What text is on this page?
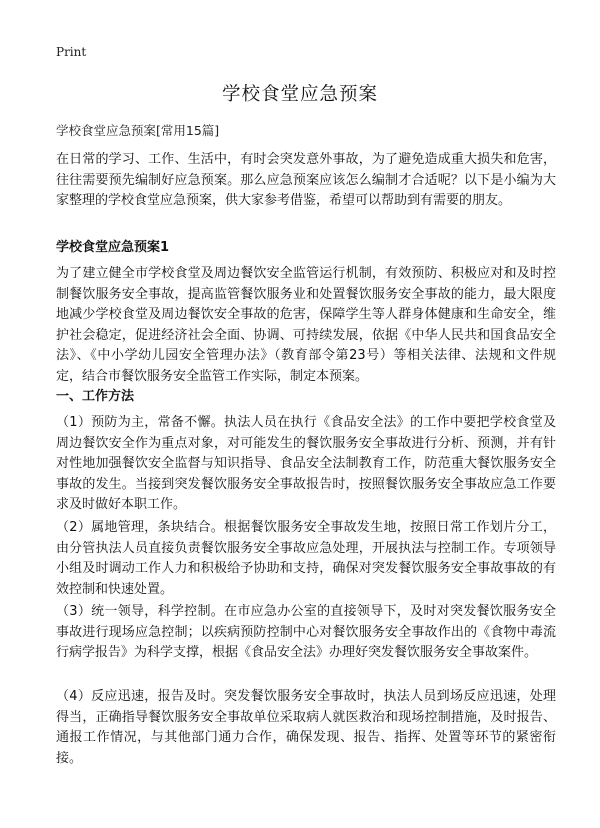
Print
学校食堂应急预案
学校食堂应急预案[常用15篇]
在日常的学习、工作、生活中，有时会突发意外事故，为了避免造成重大损失和危害，往往需要预先编制好应急预案。那么应急预案应该怎么编制才合适呢？以下是小编为大家整理的学校食堂应急预案，供大家参考借鉴，希望可以帮助到有需要的朋友。
学校食堂应急预案1
为了建立健全市学校食堂及周边餐饮安全监管运行机制，有效预防、积极应对和及时控制餐饮服务安全事故，提高监管餐饮服务业和处置餐饮服务安全事故的能力，最大限度地减少学校食堂及周边餐饮安全事故的危害，保障学生等人群身体健康和生命安全，维护社会稳定，促进经济社会全面、协调、可持续发展，依据《中华人民共和国食品安全法》、《中小学幼儿园安全管理办法》（教育部令第23号）等相关法律、法规和文件规定，结合市餐饮服务安全监管工作实际，制定本预案。
一、工作方法
（1）预防为主，常备不懈。执法人员在执行《食品安全法》的工作中要把学校食堂及周边餐饮安全作为重点对象，对可能发生的餐饮服务安全事故进行分析、预测，并有针对性地加强餐饮安全监督与知识指导、食品安全法制教育工作，防范重大餐饮服务安全事故的发生。当接到突发餐饮服务安全事故报告时，按照餐饮服务安全事故应急工作要求及时做好本职工作。
（2）属地管理，条块结合。根据餐饮服务安全事故发生地，按照日常工作划片分工，由分管执法人员直接负责餐饮服务安全事故应急处理，开展执法与控制工作。专项领导小组及时调动工作人力和积极给予协助和支持，确保对突发餐饮服务安全事故事故的有效控制和快速处置。
（3）统一领导，科学控制。在市应急办公室的直接领导下，及时对突发餐饮服务安全事故进行现场应急控制；以疾病预防控制中心对餐饮服务安全事故作出的《食物中毒流行病学报告》为科学支撑，根据《食品安全法》办理好突发餐饮服务安全事故案件。
（4）反应迅速，报告及时。突发餐饮服务安全事故时，执法人员到场反应迅速，处理得当，正确指导餐饮服务安全事故单位采取病人就医救治和现场控制措施，及时报告、通报工作情况，与其他部门通力合作，确保发现、报告、指挥、处置等环节的紧密衔接。
